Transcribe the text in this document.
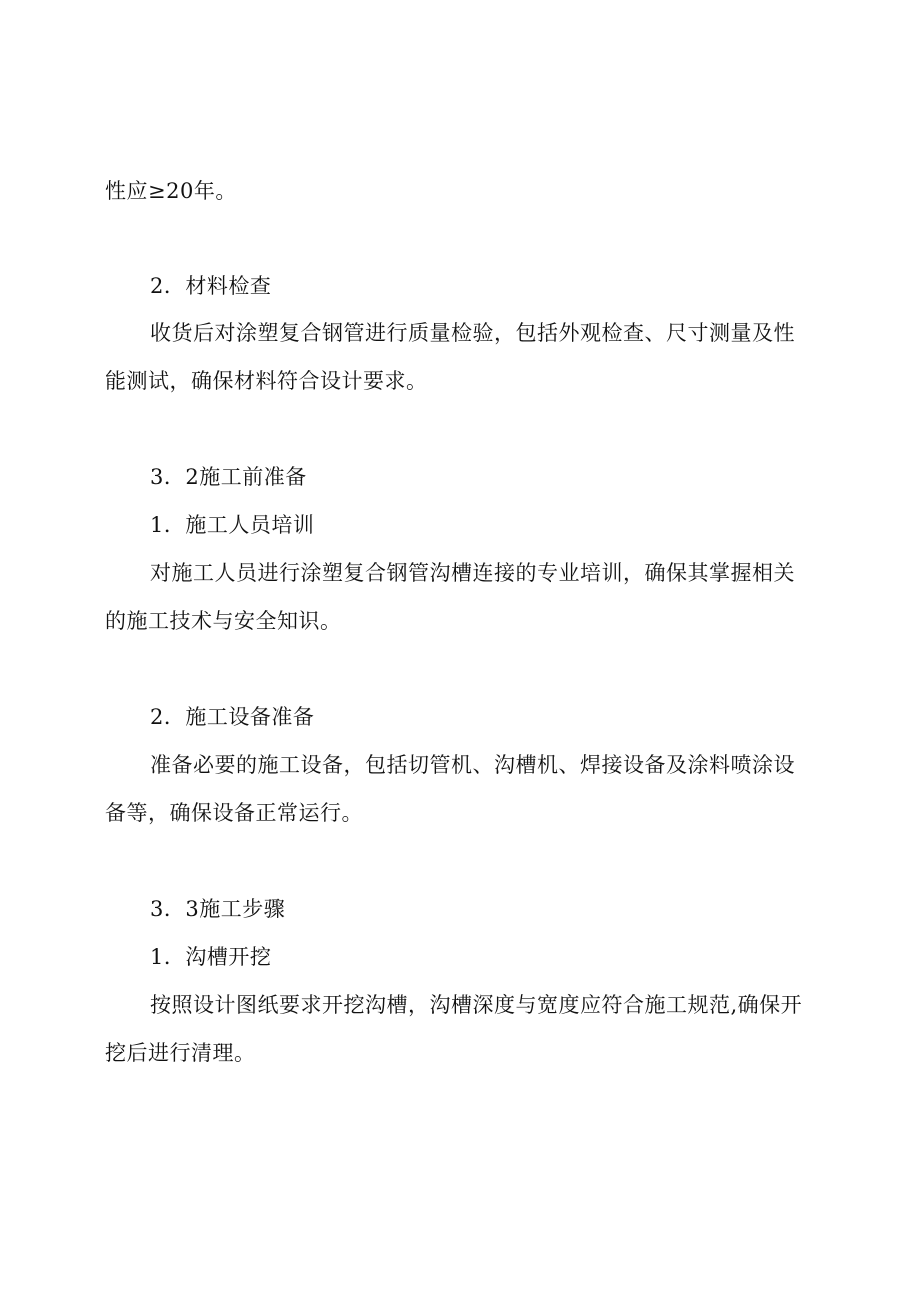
性应≥20年。
2．材料检查
收货后对涂塑复合钢管进行质量检验，包括外观检查、尺寸测量及性
能测试，确保材料符合设计要求。
3．2施工前准备
1．施工人员培训
对施工人员进行涂塑复合钢管沟槽连接的专业培训，确保其掌握相关
的施工技术与安全知识。
2．施工设备准备
准备必要的施工设备，包括切管机、沟槽机、焊接设备及涂料喷涂设
备等，确保设备正常运行。
3．3施工步骤
1．沟槽开挖
按照设计图纸要求开挖沟槽，沟槽深度与宽度应符合施工规范,确保开
挖后进行清理。
